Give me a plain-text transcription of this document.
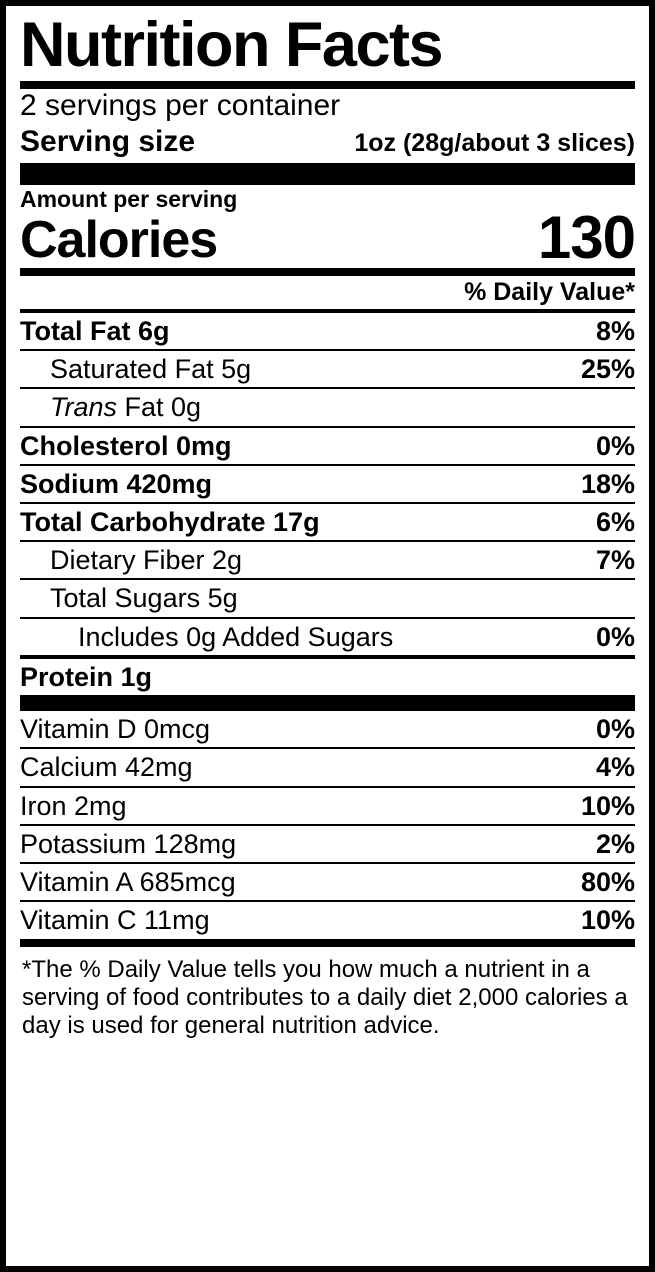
Nutrition Facts
2 servings per container
Serving size	1oz (28g/about 3 slices)
Amount per serving
Calories	130
% Daily Value*
Total Fat 6g	8%
Saturated Fat 5g	25%
Trans Fat 0g
Cholesterol 0mg	0%
Sodium 420mg	18%
Total Carbohydrate 17g	6%
Dietary Fiber 2g	7%
Total Sugars 5g
Includes 0g Added Sugars	0%
Protein 1g
Vitamin D 0mcg	0%
Calcium 42mg	4%
Iron 2mg	10%
Potassium 128mg	2%
Vitamin A 685mcg	80%
Vitamin C 11mg	10%
*The % Daily Value tells you how much a nutrient in a serving of food contributes to a daily diet 2,000 calories a day is used for general nutrition advice.
